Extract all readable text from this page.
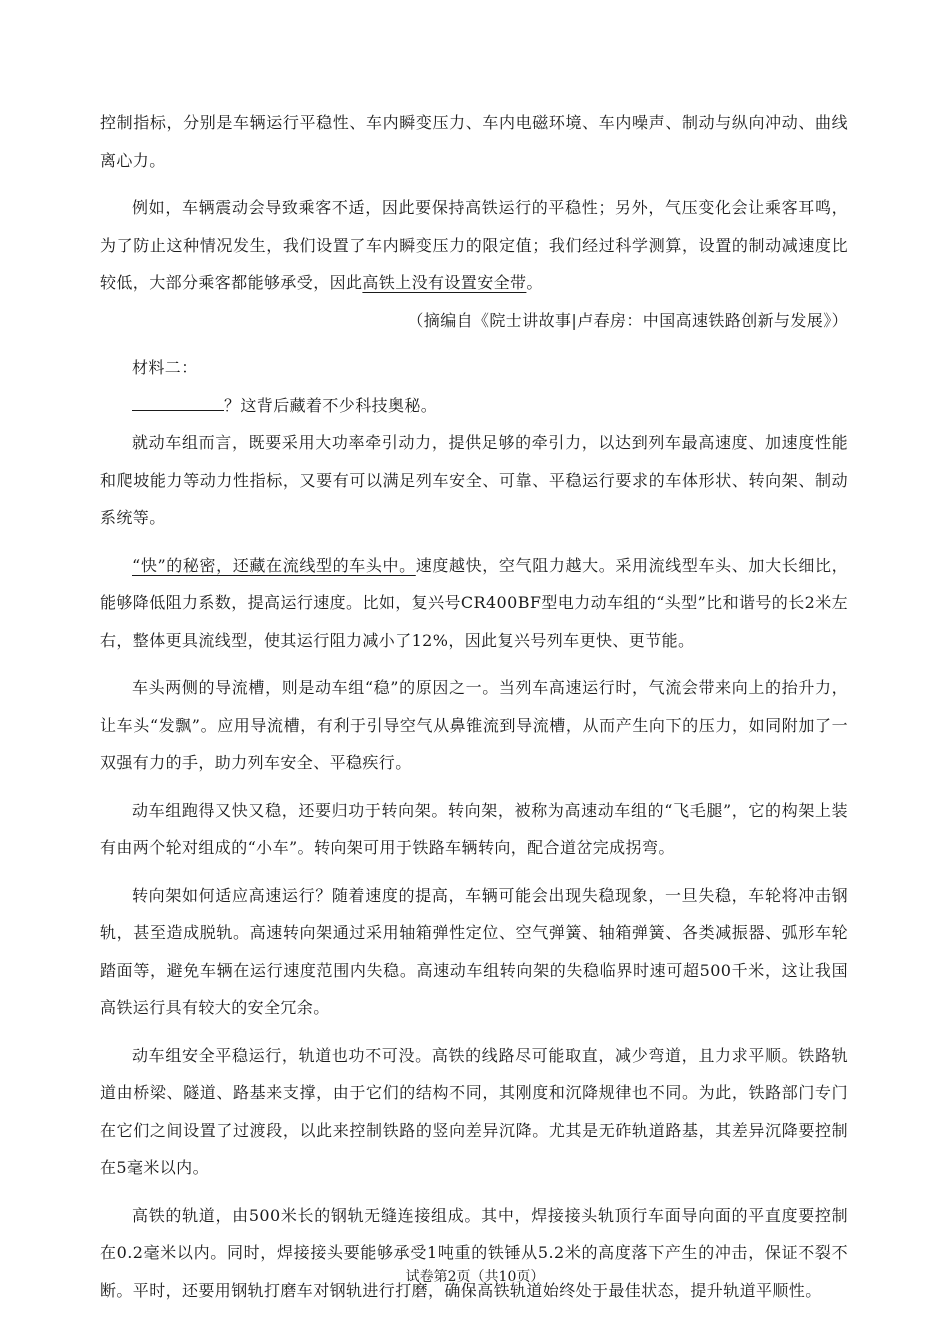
控制指标，分别是车辆运行平稳性、车内瞬变压力、车内电磁环境、车内噪声、制动与纵向冲动、曲线离心力。

例如，车辆震动会导致乘客不适，因此要保持高铁运行的平稳性；另外，气压变化会让乘客耳鸣，为了防止这种情况发生，我们设置了车内瞬变压力的限定值；我们经过科学测算，设置的制动减速度比较低，大部分乘客都能够承受，因此高铁上没有设置安全带。

（摘编自《院士讲故事|卢春房：中国高速铁路创新与发展》）

材料二：

？这背后藏着不少科技奥秘。

就动车组而言，既要采用大功率牵引动力，提供足够的牵引力，以达到列车最高速度、加速度性能和爬坡能力等动力性指标，又要有可以满足列车安全、可靠、平稳运行要求的车体形状、转向架、制动系统等。

“快”的秘密，还藏在流线型的车头中。速度越快，空气阻力越大。采用流线型车头、加大长细比，能够降低阻力系数，提高运行速度。比如，复兴号CR400BF型电力动车组的“头型”比和谐号的长2米左右，整体更具流线型，使其运行阻力减小了12%，因此复兴号列车更快、更节能。

车头两侧的导流槽，则是动车组“稳”的原因之一。当列车高速运行时，气流会带来向上的抬升力，让车头“发飘”。应用导流槽，有利于引导空气从鼻锥流到导流槽，从而产生向下的压力，如同附加了一双强有力的手，助力列车安全、平稳疾行。

动车组跑得又快又稳，还要归功于转向架。转向架，被称为高速动车组的“飞毛腿”，它的构架上装有由两个轮对组成的“小车”。转向架可用于铁路车辆转向，配合道岔完成拐弯。

转向架如何适应高速运行？随着速度的提高，车辆可能会出现失稳现象，一旦失稳，车轮将冲击钢轨，甚至造成脱轨。高速转向架通过采用轴箱弹性定位、空气弹簧、轴箱弹簧、各类减振器、弧形车轮踏面等，避免车辆在运行速度范围内失稳。高速动车组转向架的失稳临界时速可超500千米，这让我国高铁运行具有较大的安全冗余。

动车组安全平稳运行，轨道也功不可没。高铁的线路尽可能取直，减少弯道，且力求平顺。铁路轨道由桥梁、隧道、路基来支撑，由于它们的结构不同，其刚度和沉降规律也不同。为此，铁路部门专门在它们之间设置了过渡段，以此来控制铁路的竖向差异沉降。尤其是无砟轨道路基，其差异沉降要控制在5毫米以内。

高铁的轨道，由500米长的钢轨无缝连接组成。其中，焊接接头轨顶行车面导向面的平直度要控制在0.2毫米以内。同时，焊接接头要能够承受1吨重的铁锤从5.2米的高度落下产生的冲击，保证不裂不断。平时，还要用钢轨打磨车对钢轨进行打磨，确保高铁轨道始终处于最佳状态，提升轨道平顺性。

试卷第2页（共10页）
